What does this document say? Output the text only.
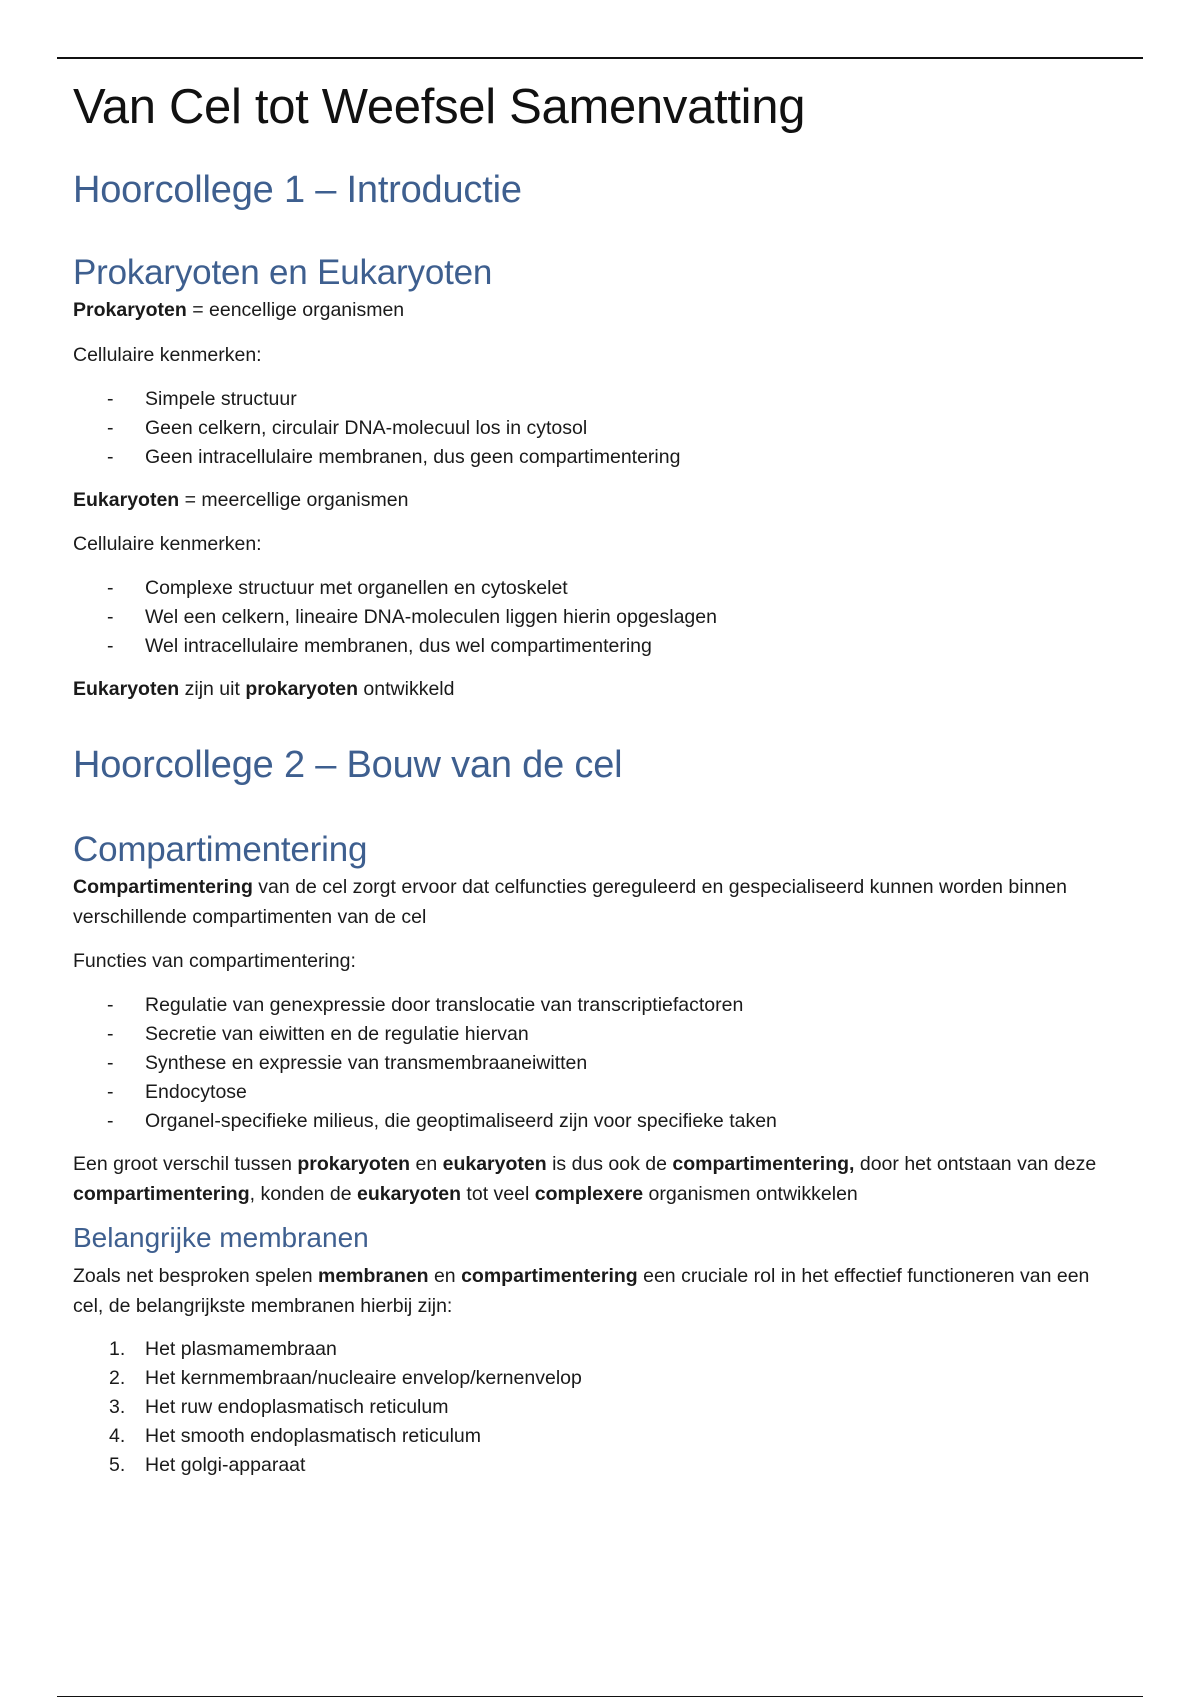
Van Cel tot Weefsel Samenvatting
Hoorcollege 1 – Introductie
Prokaryoten en Eukaryoten

Prokaryoten = eencellige organismen

Cellulaire kenmerken:

-	Simpele structuur
-	Geen celkern, circulair DNA-molecuul los in cytosol
-	Geen intracellulaire membranen, dus geen compartimentering

Eukaryoten = meercellige organismen

Cellulaire kenmerken:

-	Complexe structuur met organellen en cytoskelet
-	Wel een celkern, lineaire DNA-moleculen liggen hierin opgeslagen
-	Wel intracellulaire membranen, dus wel compartimentering

Eukaryoten zijn uit prokaryoten ontwikkeld

Hoorcollege 2 – Bouw van de cel
Compartimentering

Compartimentering van de cel zorgt ervoor dat celfuncties gereguleerd en gespecialiseerd kunnen worden binnen verschillende compartimenten van de cel

Functies van compartimentering:

-	Regulatie van genexpressie door translocatie van transcriptiefactoren
-	Secretie van eiwitten en de regulatie hiervan
-	Synthese en expressie van transmembraaneiwitten
-	Endocytose
-	Organel-specifieke milieus, die geoptimaliseerd zijn voor specifieke taken

Een groot verschil tussen prokaryoten en eukaryoten is dus ook de compartimentering, door het ontstaan van deze compartimentering, konden de eukaryoten tot veel complexere organismen ontwikkelen

Belangrijke membranen

Zoals net besproken spelen membranen en compartimentering een cruciale rol in het effectief functioneren van een cel, de belangrijkste membranen hierbij zijn:

1.	Het plasmamembraan
2.	Het kernmembraan/nucleaire envelop/kernenvelop
3.	Het ruw endoplasmatisch reticulum
4.	Het smooth endoplasmatisch reticulum
5.	Het golgi-apparaat
